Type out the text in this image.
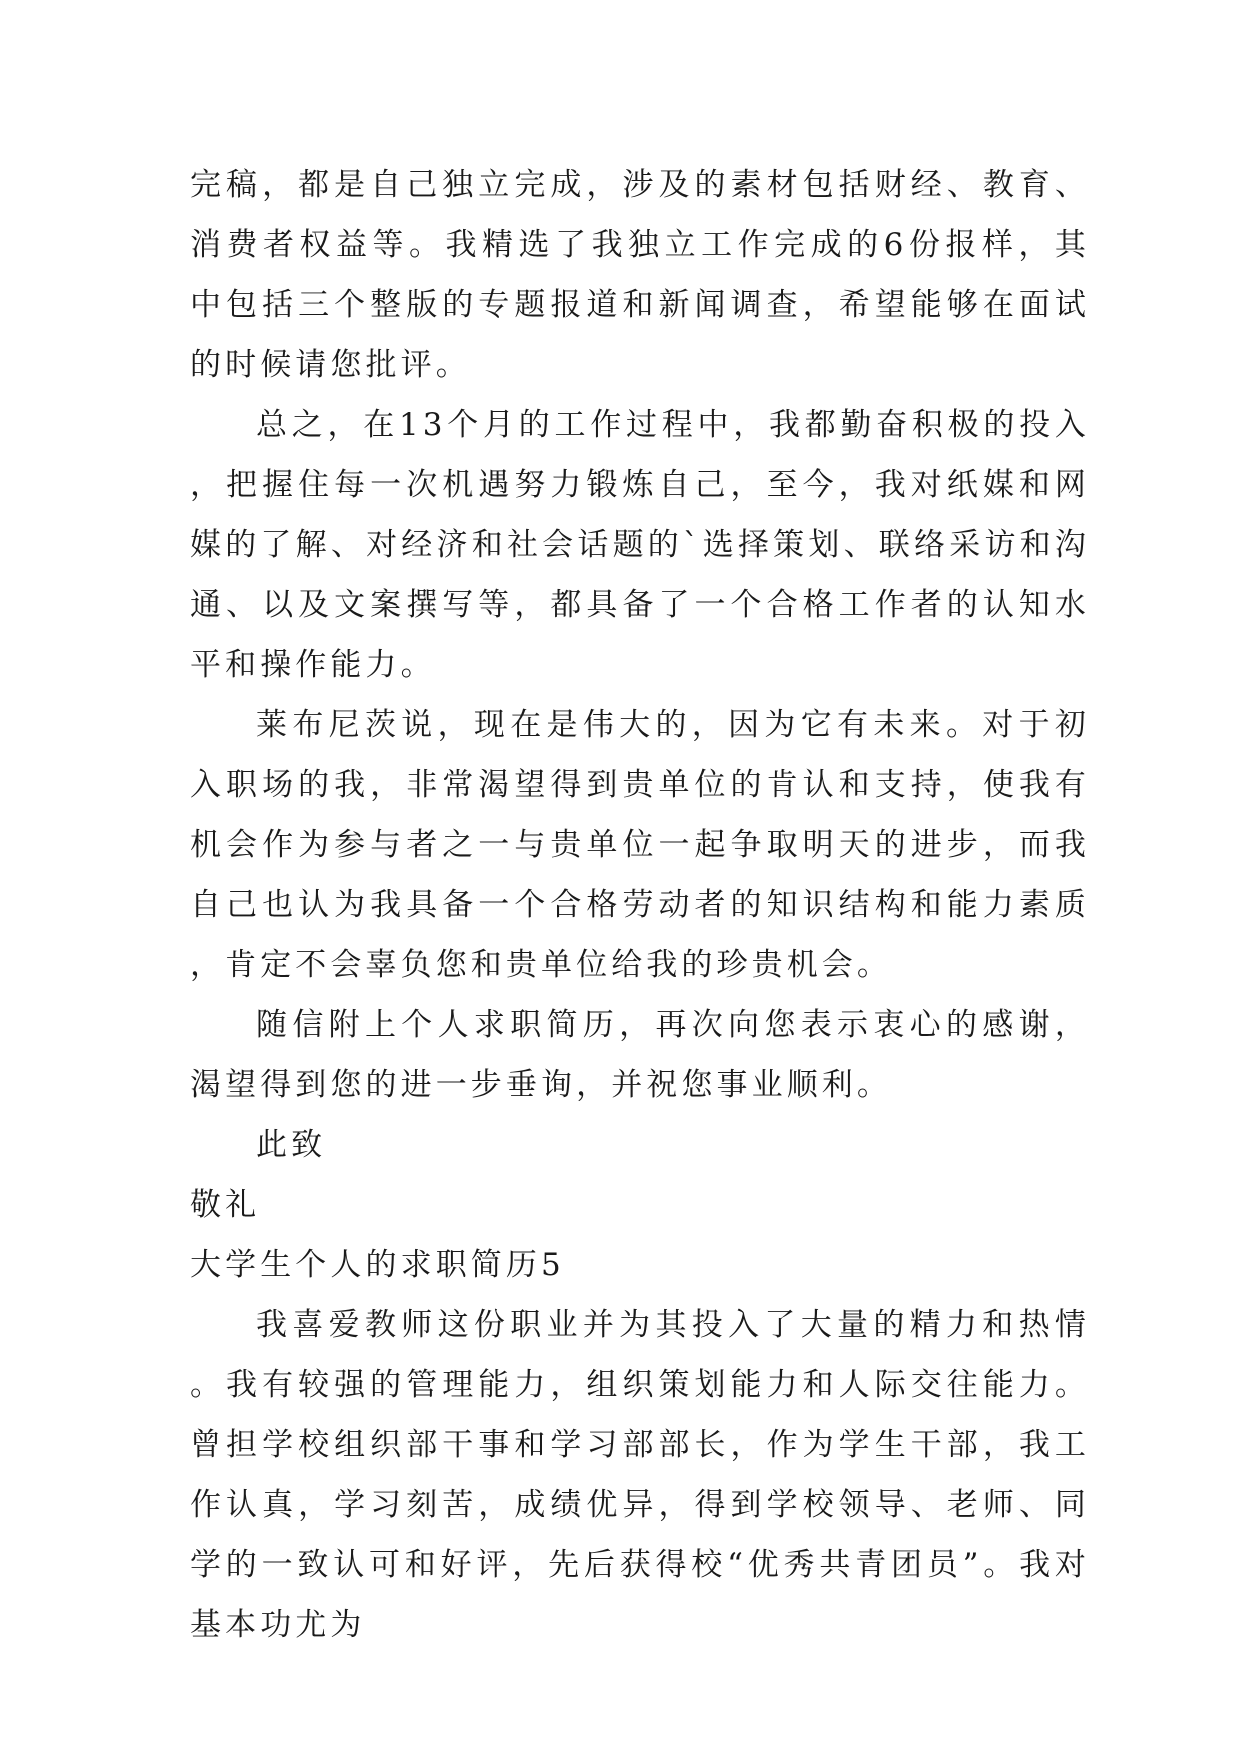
完稿，都是自己独立完成，涉及的素材包括财经、教育、消费者权益等。我精选了我独立工作完成的6份报样，其中包括三个整版的专题报道和新闻调查，希望能够在面试的时候请您批评。

总之，在13个月的工作过程中，我都勤奋积极的投入，把握住每一次机遇努力锻炼自己，至今，我对纸媒和网媒的了解、对经济和社会话题的`选择策划、联络采访和沟通、以及文案撰写等，都具备了一个合格工作者的认知水平和操作能力。

莱布尼茨说，现在是伟大的，因为它有未来。对于初入职场的我，非常渴望得到贵单位的肯认和支持，使我有机会作为参与者之一与贵单位一起争取明天的进步，而我自己也认为我具备一个合格劳动者的知识结构和能力素质，肯定不会辜负您和贵单位给我的珍贵机会。

随信附上个人求职简历，再次向您表示衷心的感谢，渴望得到您的进一步垂询，并祝您事业顺利。

此致

敬礼

大学生个人的求职简历5

我喜爱教师这份职业并为其投入了大量的精力和热情。我有较强的管理能力，组织策划能力和人际交往能力。曾担学校组织部干事和学习部部长，作为学生干部，我工作认真，学习刻苦，成绩优异，得到学校领导、老师、同学的一致认可和好评，先后获得校“优秀共青团员”。我对基本功尤为
